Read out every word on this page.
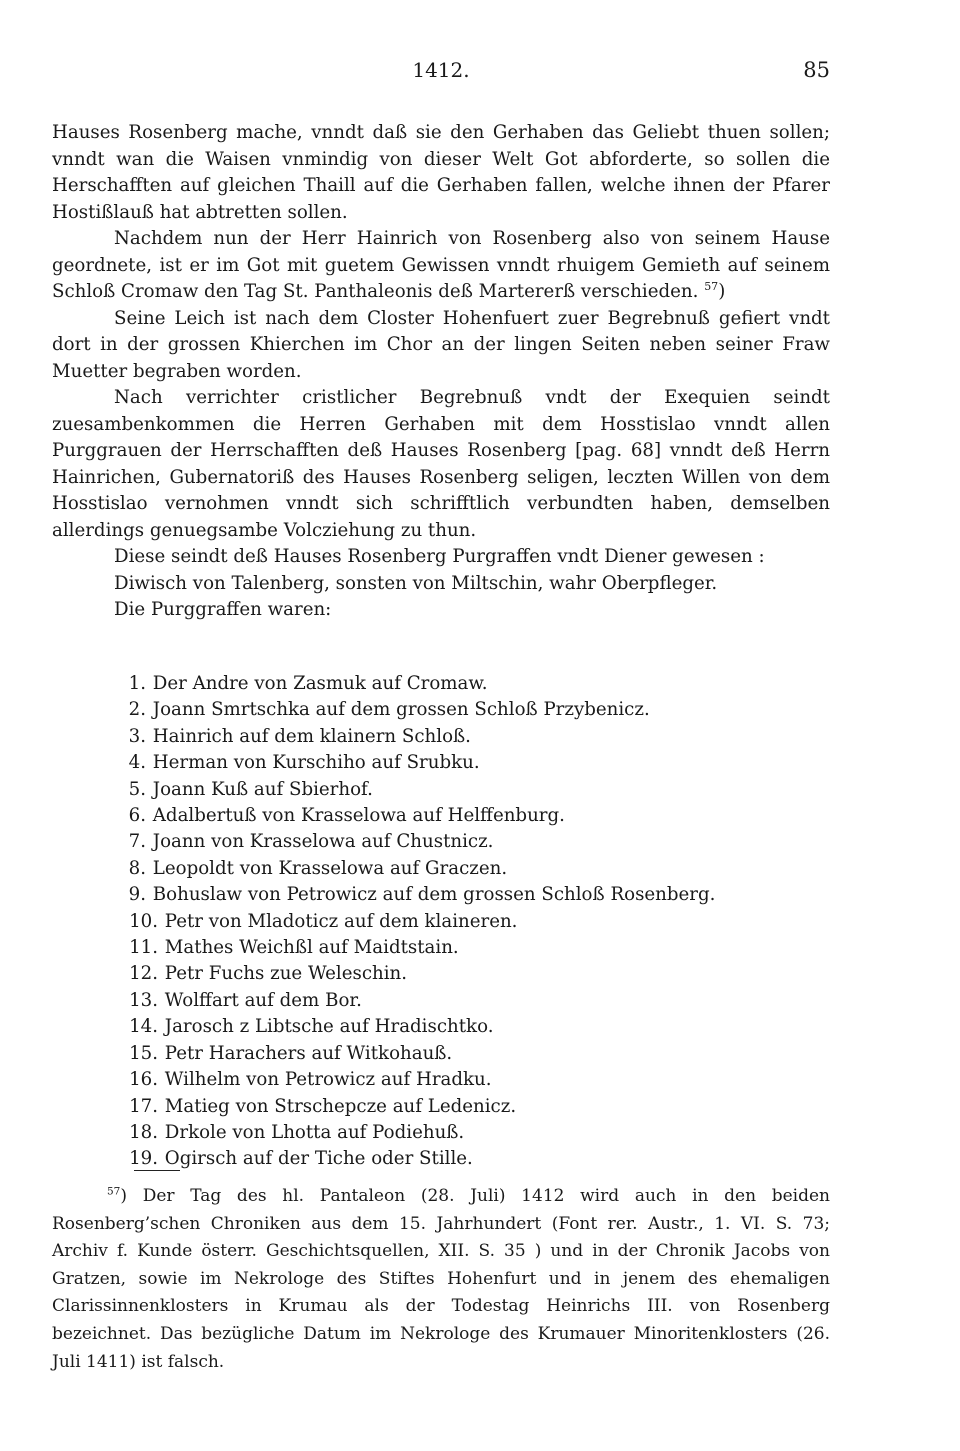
1412.	85

Hauses Rosenberg mache, vnndt daß sie den Gerhaben das Geliebt thuen sollen; vnndt wan die Waisen vnmindig von dieser Welt Got abforderte, so sollen die Herschafften auf gleichen Thaill auf die Gerhaben fallen, welche ihnen der Pfarer Hostißlauß hat abtretten sollen.

Nachdem nun der Herr Hainrich von Rosenberg also von seinem Hause geordnete, ist er im Got mit guetem Gewissen vnndt rhuigem Gemieth auf seinem Schloß Cromaw den Tag St. Panthaleonis deß Martererß verschieden. $^{57}$)

Seine Leich ist nach dem Closter Hohenfuert zuer Begrebnuß gefiert vndt dort in der grossen Khierchen im Chor an der lingen Seiten neben seiner Fraw Muetter begraben worden.

Nach verrichter cristlicher Begrebnuß vndt der Exequien seindt zuesambenkommen die Herren Gerhaben mit dem Hosstislao vnndt allen Purggrauen der Herrschafften deß Hauses Rosenberg [pag. 68] vnndt deß Herrn Hainrichen, Gubernatoriß des Hauses Rosenberg seligen, leczten Willen von dem Hosstislao vernohmen vnndt sich schrifftlich verbundten haben, demselben allerdings genuegsambe Volcziehung zu thun.

Diese seindt deß Hauses Rosenberg Purgraffen vndt Diener gewesen :

Diwisch von Talenberg, sonsten von Miltschin, wahr Oberpfleger.

Die Purggraffen waren:

1.
Der Andre von Zasmuk auf Cromaw.
2.
Joann Smrtschka auf dem grossen Schloß Przybenicz.
3.
Hainrich auf dem klainern Schloß.
4.
Herman von Kurschiho auf Srubku.
5.
Joann Kuß auf Sbierhof.
6.
Adalbertuß von Krasselowa auf Helffenburg.
7.
Joann von Krasselowa auf Chustnicz.
8.
Leopoldt von Krasselowa auf Graczen.
9.
Bohuslaw von Petrowicz auf dem grossen Schloß Rosenberg.
10.
Petr von Mladoticz auf dem klaineren.
11.
Mathes Weichßl auf Maidtstain.
12.
Petr Fuchs zue Weleschin.
13.
Wolffart auf dem Bor.
14.
Jarosch z Libtsche auf Hradischtko.
15.
Petr Harachers auf Witkohauß.
16.
Wilhelm von Petrowicz auf Hradku.
17.
Matieg von Strschepcze auf Ledenicz.
18.
Drkole von Lhotta auf Podiehuß.
19.
Ogirsch auf der Tiche oder Stille.

$^{57}$) Der Tag des hl. Pantaleon (28. Juli) 1412 wird auch in den beiden Rosenberg’schen Chroniken aus dem 15. Jahrhundert (Font rer. Austr., 1. VI. S. 73; Archiv f. Kunde österr. Geschichtsquellen, XII. S. 35 ) und in der Chronik Jacobs von Gratzen, sowie im Nekrologe des Stiftes Hohenfurt und in jenem des ehemaligen Clarissinnenklosters in Krumau als der Todestag Heinrichs III. von Rosenberg bezeichnet. Das bezügliche Datum im Nekrologe des Krumauer Minoritenklosters (26. Juli 1411) ist falsch.
